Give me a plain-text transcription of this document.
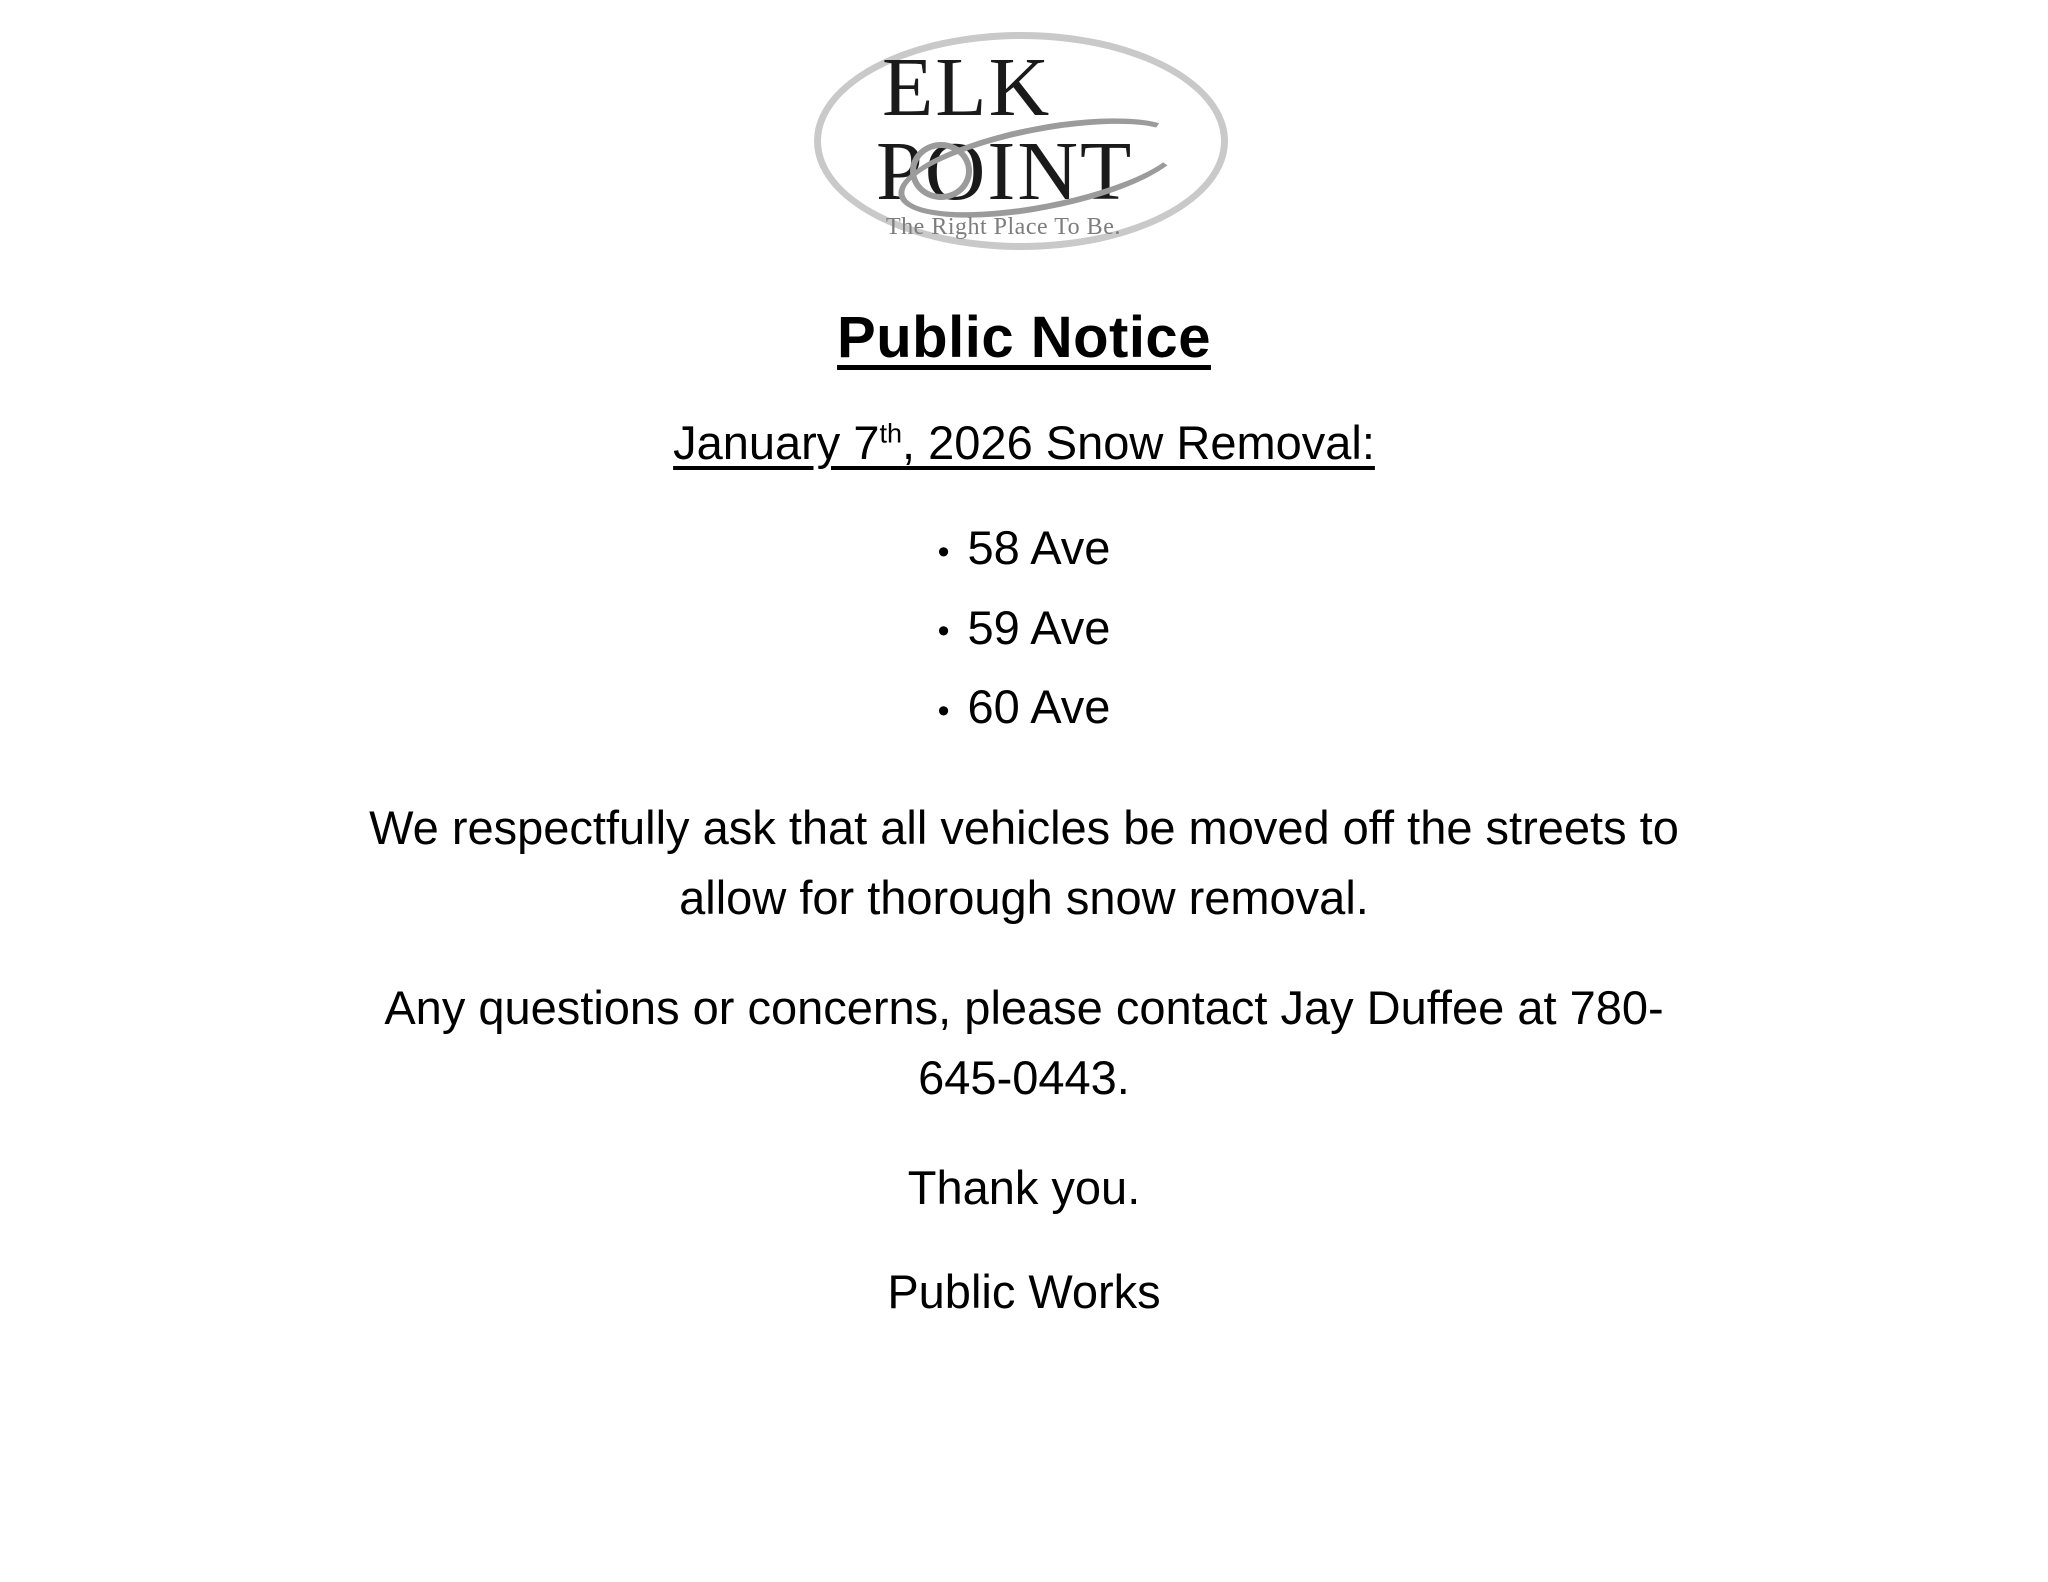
ELK
POINT
The Right Place To Be.
Public Notice
January 7th, 2026 Snow Removal:
• 58 Ave
• 59 Ave
• 60 Ave

We respectfully ask that all vehicles be moved off the streets to allow for thorough snow removal.

Any questions or concerns, please contact Jay Duffee at 780-645-0443.

Thank you.

Public Works
